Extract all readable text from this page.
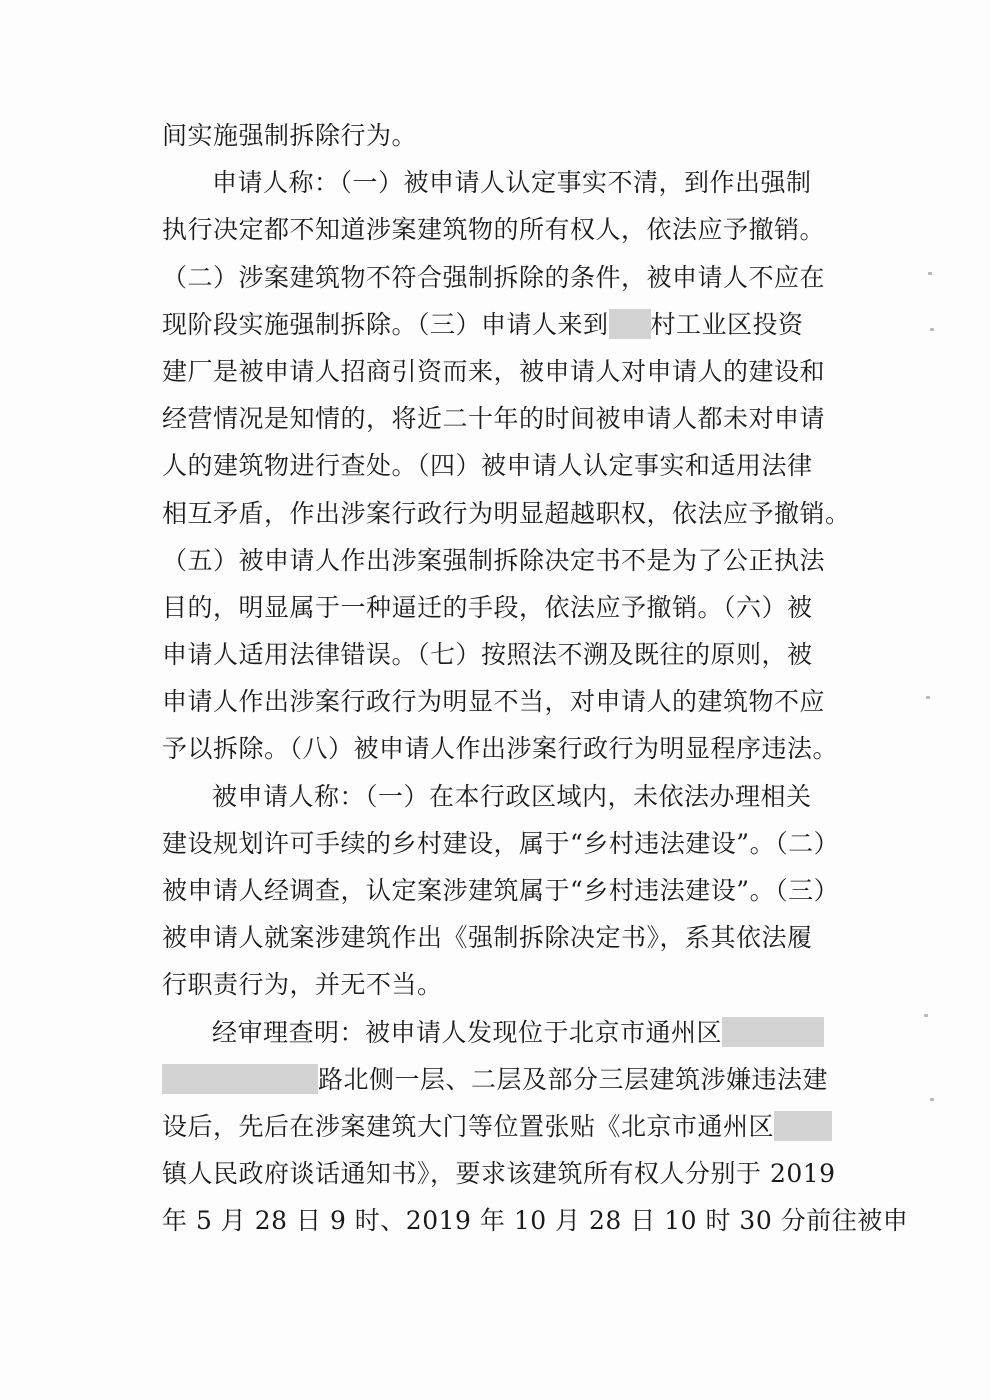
间实施强制拆除行为。
申请人称：（一）被申请人认定事实不清，到作出强制
执行决定都不知道涉案建筑物的所有权人，依法应予撤销。
（二）涉案建筑物不符合强制拆除的条件，被申请人不应在
现阶段实施强制拆除。（三）申请人来到 村工业区投资
建厂是被申请人招商引资而来，被申请人对申请人的建设和
经营情况是知情的，将近二十年的时间被申请人都未对申请
人的建筑物进行查处。（四）被申请人认定事实和适用法律
相互矛盾，作出涉案行政行为明显超越职权，依法应予撤销。
（五）被申请人作出涉案强制拆除决定书不是为了公正执法
目的，明显属于一种逼迁的手段，依法应予撤销。（六）被
申请人适用法律错误。（七）按照法不溯及既往的原则，被
申请人作出涉案行政行为明显不当，对申请人的建筑物不应
予以拆除。（八）被申请人作出涉案行政行为明显程序违法。
被申请人称：（一）在本行政区域内，未依法办理相关
建设规划许可手续的乡村建设，属于“乡村违法建设”。（二）
被申请人经调查，认定案涉建筑属于“乡村违法建设”。（三）
被申请人就案涉建筑作出《强制拆除决定书》，系其依法履
行职责行为，并无不当。
经审理查明：被申请人发现位于北京市通州区
路北侧一层、二层及部分三层建筑涉嫌违法建
设后，先后在涉案建筑大门等位置张贴《北京市通州区
镇人民政府谈话通知书》，要求该建筑所有权人分别于 2019
年 5 月 28 日 9 时、2019 年 10 月 28 日 10 时 30 分前往被申
